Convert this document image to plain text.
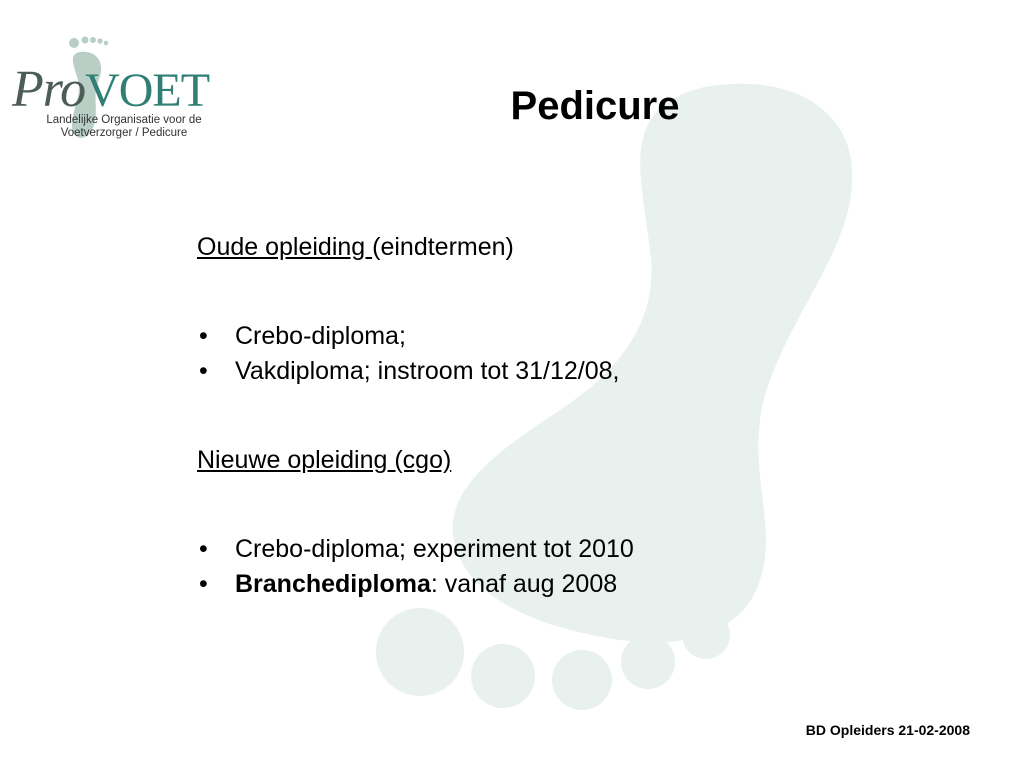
ProVOET
Landelijke Organisatie voor de
Voetverzorger / Pedicure
Pedicure

Oude opleiding (eindtermen)

• Crebo-diploma;
• Vakdiploma; instroom tot 31/12/08,

Nieuwe opleiding (cgo)

• Crebo-diploma; experiment tot 2010
• Branchediploma: vanaf aug 2008
BD Opleiders 21-02-2008
